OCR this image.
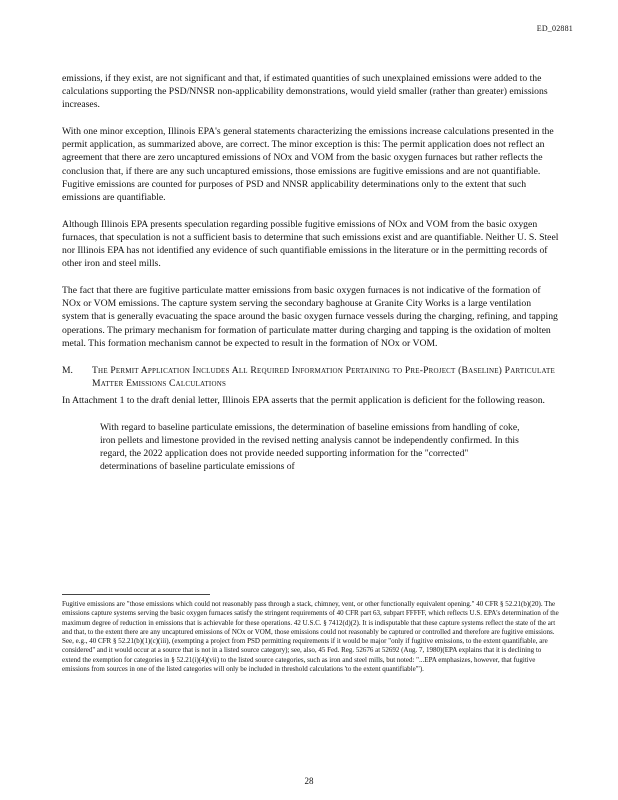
ED_02881

emissions, if they exist, are not significant and that, if estimated quantities of such unexplained emissions were added to the calculations supporting the PSD/NNSR non-applicability demonstrations, would yield smaller (rather than greater) emissions increases.

With one minor exception, Illinois EPA's general statements characterizing the emissions increase calculations presented in the permit application, as summarized above, are correct. The minor exception is this: The permit application does not reflect an agreement that there are zero uncaptured emissions of NOx and VOM from the basic oxygen furnaces but rather reflects the conclusion that, if there are any such uncaptured emissions, those emissions are fugitive emissions and are not quantifiable. Fugitive emissions are counted for purposes of PSD and NNSR applicability determinations only to the extent that such emissions are quantifiable.

Although Illinois EPA presents speculation regarding possible fugitive emissions of NOx and VOM from the basic oxygen furnaces, that speculation is not a sufficient basis to determine that such emissions exist and are quantifiable. Neither U. S. Steel nor Illinois EPA has not identified any evidence of such quantifiable emissions in the literature or in the permitting records of other iron and steel mills.

The fact that there are fugitive particulate matter emissions from basic oxygen furnaces is not indicative of the formation of NOx or VOM emissions. The capture system serving the secondary baghouse at Granite City Works is a large ventilation system that is generally evacuating the space around the basic oxygen furnace vessels during the charging, refining, and tapping operations. The primary mechanism for formation of particulate matter during charging and tapping is the oxidation of molten metal. This formation mechanism cannot be expected to result in the formation of NOx or VOM.

M.	The Permit Application Includes All Required Information Pertaining to Pre-Project (Baseline) Particulate Matter Emissions Calculations

In Attachment 1 to the draft denial letter, Illinois EPA asserts that the permit application is deficient for the following reason.

With regard to baseline particulate emissions, the determination of baseline emissions from handling of coke, iron pellets and limestone provided in the revised netting analysis cannot be independently confirmed. In this regard, the 2022 application does not provide needed supporting information for the "corrected" determinations of baseline particulate emissions of
Fugitive emissions are "those emissions which could not reasonably pass through a stack, chimney, vent, or other functionally equivalent opening." 40 CFR § 52.21(b)(20). The emissions capture systems serving the basic oxygen furnaces satisfy the stringent requirements of 40 CFR part 63, subpart FFFFF, which reflects U.S. EPA's determination of the maximum degree of reduction in emissions that is achievable for these operations. 42 U.S.C. § 7412(d)(2). It is indisputable that these capture systems reflect the state of the art and that, to the extent there are any uncaptured emissions of NOx or VOM, those emissions could not reasonably be captured or controlled and therefore are fugitive emissions.
See, e.g., 40 CFR § 52.21(b)(1)(c)(iii), (exempting a project from PSD permitting requirements if it would be major "only if fugitive emissions, to the extent quantifiable, are considered" and it would occur at a source that is not in a listed source category); see, also, 45 Fed. Reg. 52676 at 52692 (Aug. 7, 1980)(EPA explains that it is declining to extend the exemption for categories in § 52.21(i)(4)(vii) to the listed source categories, such as iron and steel mills, but noted: "...EPA emphasizes, however, that fugitive emissions from sources in one of the listed categories will only be included in threshold calculations 'to the extent quantifiable'").
28
